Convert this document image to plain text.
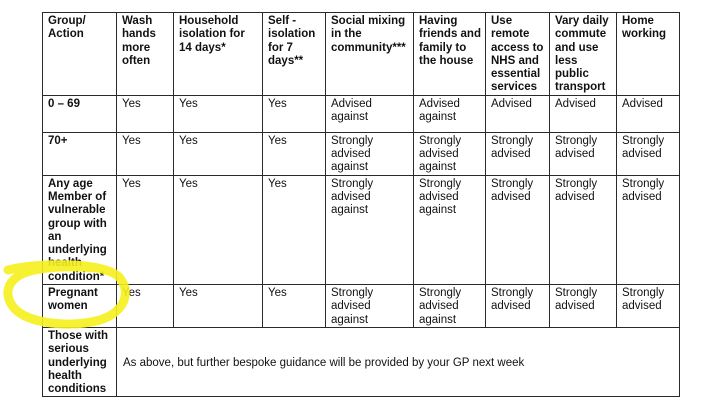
Group/ Action	Wash hands more often	Household isolation for 14 days*	Self - isolation for 7 days**	Social mixing in the community***	Having friends and family to the house	Use remote access to NHS and essential services	Vary daily commute and use less public transport	Home working
0 – 69	Yes	Yes	Yes	Advised against	Advised against	Advised	Advised	Advised
70+	Yes	Yes	Yes	Strongly advised against	Strongly advised against	Strongly advised	Strongly advised	Strongly advised
Any age Member of vulnerable group with an underlying health condition*	Yes	Yes	Yes	Strongly advised against	Strongly advised against	Strongly advised	Strongly advised	Strongly advised
Pregnant women	Yes	Yes	Yes	Strongly advised against	Strongly advised against	Strongly advised	Strongly advised	Strongly advised
Those with serious underlying health conditions	As above, but further bespoke guidance will be provided by your GP next week							
